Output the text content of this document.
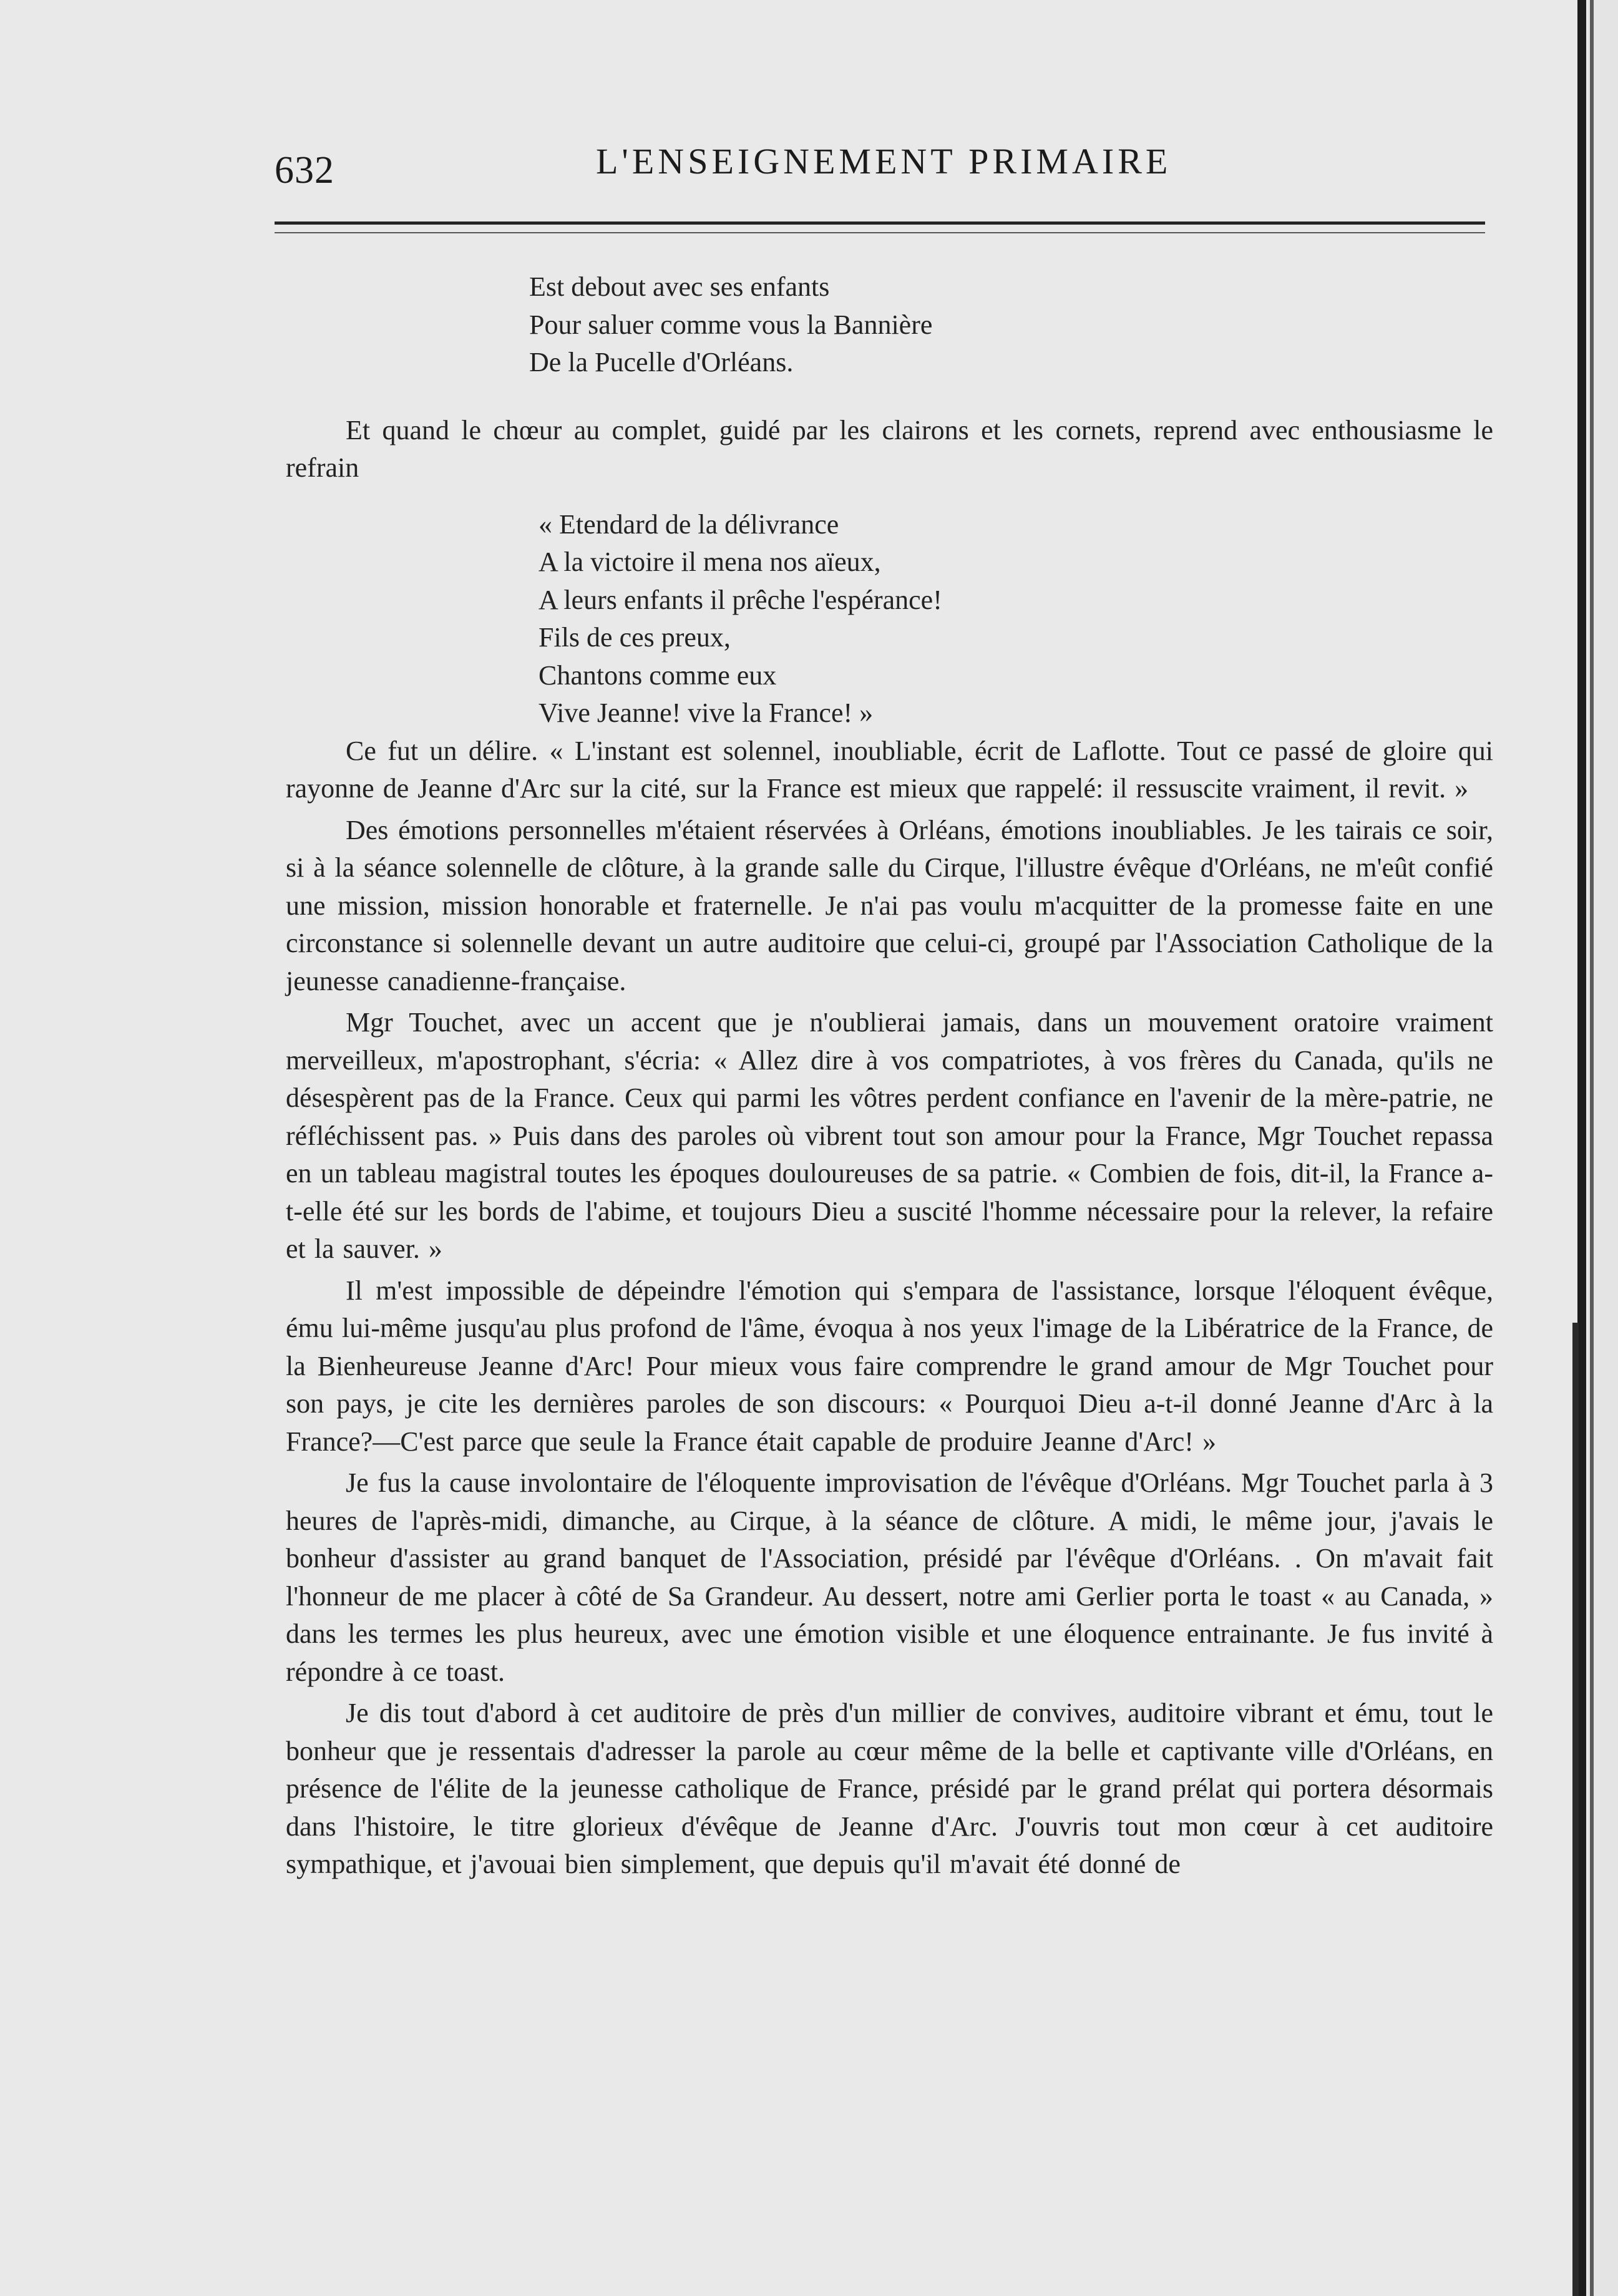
632	L'ENSEIGNEMENT PRIMAIRE
Est debout avec ses enfants
Pour saluer comme vous la Bannière
De la Pucelle d'Orléans.

Et quand le chœur au complet, guidé par les clairons et les cornets, reprend avec enthousiasme le refrain

« Etendard de la délivrance
A la victoire il mena nos aïeux,
A leurs enfants il prêche l'espérance!
Fils de ces preux,
Chantons comme eux
Vive Jeanne! vive la France! »

Ce fut un délire. « L'instant est solennel, inoubliable, écrit de Laflotte. Tout ce passé de gloire qui rayonne de Jeanne d'Arc sur la cité, sur la France est mieux que rappelé: il ressuscite vraiment, il revit. »

Des émotions personnelles m'étaient réservées à Orléans, émotions inoubliables. Je les tairais ce soir, si à la séance solennelle de clôture, à la grande salle du Cirque, l'illustre évêque d'Orléans, ne m'eût confié une mission, mission honorable et fraternelle. Je n'ai pas voulu m'acquitter de la promesse faite en une circonstance si solennelle devant un autre auditoire que celui-ci, groupé par l'Association Catholique de la jeunesse canadienne-française.

Mgr Touchet, avec un accent que je n'oublierai jamais, dans un mouvement oratoire vraiment merveilleux, m'apostrophant, s'écria: « Allez dire à vos compatriotes, à vos frères du Canada, qu'ils ne désespèrent pas de la France. Ceux qui parmi les vôtres perdent confiance en l'avenir de la mère-patrie, ne réfléchissent pas. » Puis dans des paroles où vibrent tout son amour pour la France, Mgr Touchet repassa en un tableau magistral toutes les époques douloureuses de sa patrie. « Combien de fois, dit-il, la France a-t-elle été sur les bords de l'abime, et toujours Dieu a suscité l'homme nécessaire pour la relever, la refaire et la sauver. »

Il m'est impossible de dépeindre l'émotion qui s'empara de l'assistance, lorsque l'éloquent évêque, ému lui-même jusqu'au plus profond de l'âme, évoqua à nos yeux l'image de la Libératrice de la France, de la Bienheureuse Jeanne d'Arc! Pour mieux vous faire comprendre le grand amour de Mgr Touchet pour son pays, je cite les dernières paroles de son discours: « Pourquoi Dieu a-t-il donné Jeanne d'Arc à la France?—C'est parce que seule la France était capable de produire Jeanne d'Arc! »

Je fus la cause involontaire de l'éloquente improvisation de l'évêque d'Orléans. Mgr Touchet parla à 3 heures de l'après-midi, dimanche, au Cirque, à la séance de clôture. A midi, le même jour, j'avais le bonheur d'assister au grand banquet de l'Association, présidé par l'évêque d'Orléans. . On m'avait fait l'honneur de me placer à côté de Sa Grandeur. Au dessert, notre ami Gerlier porta le toast « au Canada, » dans les termes les plus heureux, avec une émotion visible et une éloquence entrainante. Je fus invité à répondre à ce toast.

Je dis tout d'abord à cet auditoire de près d'un millier de convives, auditoire vibrant et ému, tout le bonheur que je ressentais d'adresser la parole au cœur même de la belle et captivante ville d'Orléans, en présence de l'élite de la jeunesse catholique de France, présidé par le grand prélat qui portera désormais dans l'histoire, le titre glorieux d'évêque de Jeanne d'Arc. J'ouvris tout mon cœur à cet auditoire sympathique, et j'avouai bien simplement, que depuis qu'il m'avait été donné de
